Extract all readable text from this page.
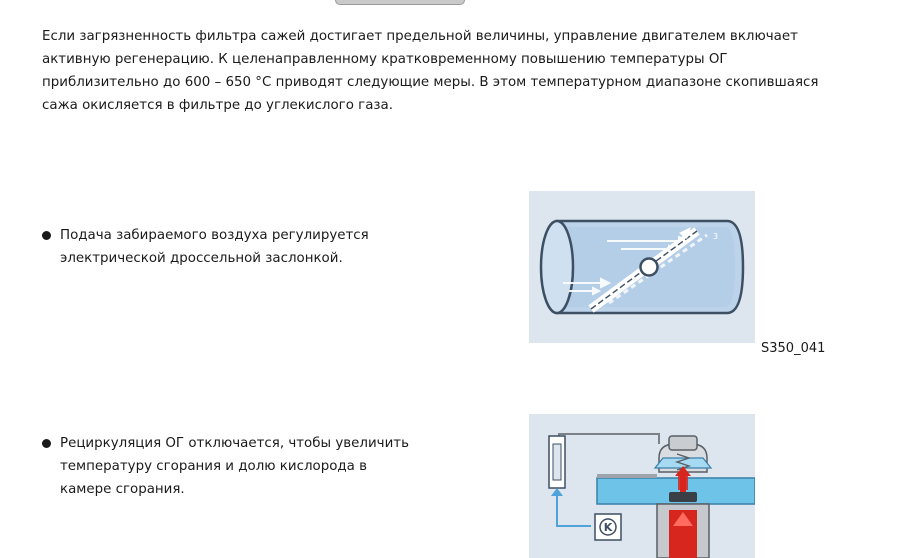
Если загрязненность фильтра сажей достигает предельной величины, управление двигателем включает активную регенерацию. К целенаправленному кратковременному повышению температуры ОГ приблизительно до 600 – 650 °С приводят следующие меры. В этом температурном диапазоне скопившаяся сажа окисляется в фильтре до углекислого газа.

Подача забираемого воздуха регулируется электрической дроссельной заслонкой.

3
S350_041

Рециркуляция ОГ отключается, чтобы увеличить температуру сгорания и долю кислорода в камере сгорания.

K
